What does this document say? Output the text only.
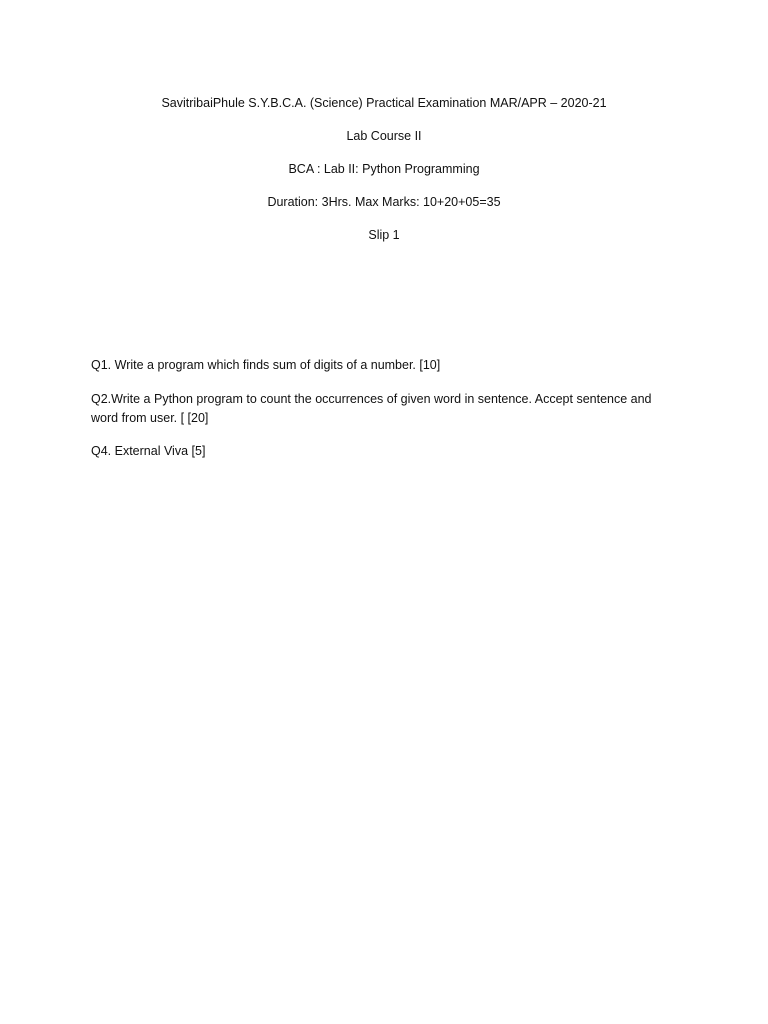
SavitribaiPhule S.Y.B.C.A. (Science) Practical Examination MAR/APR – 2020-21
Lab Course II
BCA : Lab II: Python Programming
Duration: 3Hrs. Max Marks: 10+20+05=35
Slip 1
Q1. Write a program which finds sum of digits of a number. [10]
Q2.Write a Python program to count the occurrences of given word in sentence. Accept sentence and word from user. [ [20]
Q4. External Viva [5]
